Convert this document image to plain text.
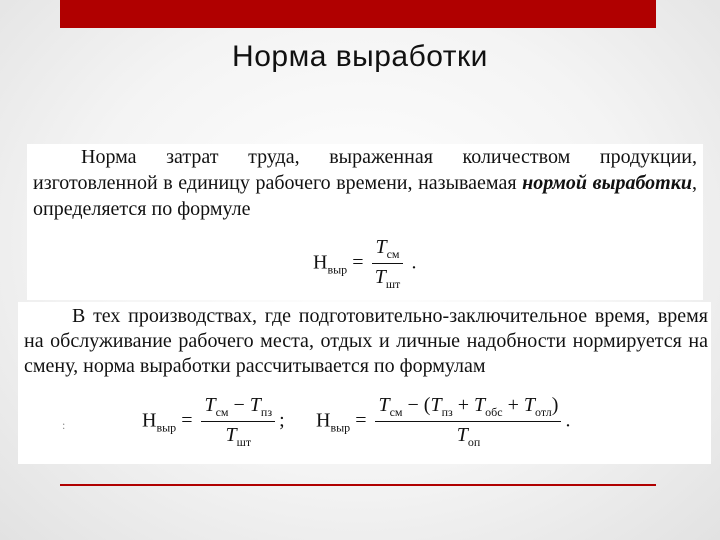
Норма выработки

Норма затрат труда, выраженная количеством продукции, изготовленной в единицу рабочего времени, называемая нормой выработки, определяется по формуле

$Н_{выр} = \frac{T_{см}}{T_{шт}}$ .

В тех производствах, где подготовительно-заключительное время, время на обслуживание рабочего места, отдых и личные надобности нормируется на смену, норма выработки рассчитывается по формулам

$Н_{выр} = \frac{T_{см} - T_{пз}}{T_{шт}}$ ; $Н_{выр} = \frac{T_{см} - (T_{пз} + T_{обс} + T_{отл})}{T_{оп}}$ .
:
